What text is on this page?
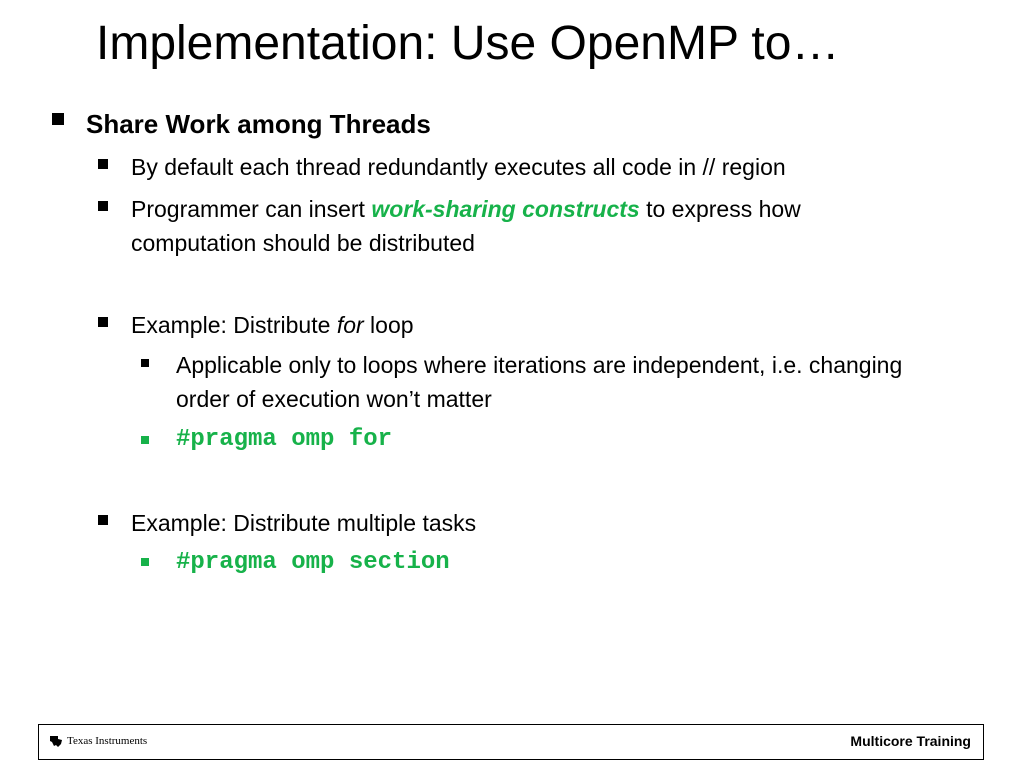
Implementation: Use OpenMP to…
Share Work among Threads
By default each thread redundantly executes all code in // region
Programmer can insert work-sharing constructs to express how computation should be distributed
Example: Distribute for loop
Applicable only to loops where iterations are independent, i.e. changing order of execution won’t matter
#pragma omp for
Example: Distribute multiple tasks
#pragma omp section
Texas Instruments	Multicore Training
